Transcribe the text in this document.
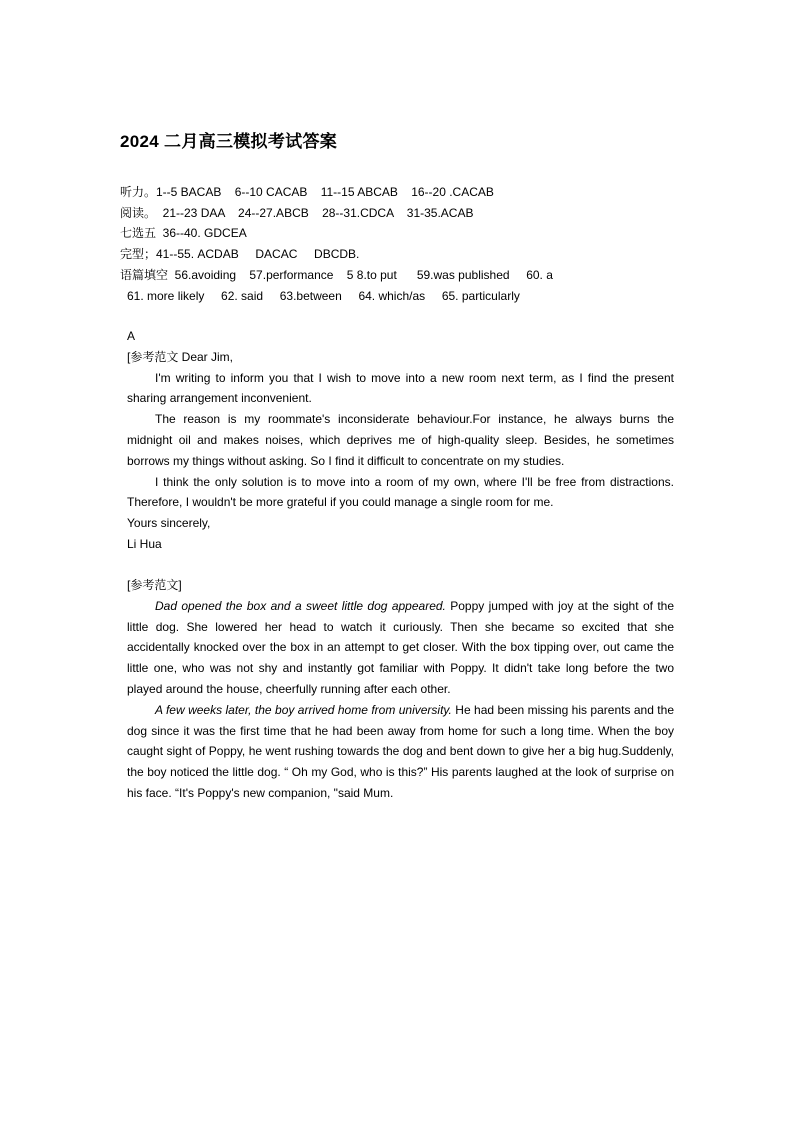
2024 二月高三模拟考试答案
听力。1--5 BACAB    6--10 CACAB    11--15 ABCAB    16--20 .CACAB
阅读。  21--23 DAA    24--27.ABCB    28--31.CDCA    31-35.ACAB
七选五  36--40. GDCEA
完型；41--55. ACDAB     DACAC     DBCDB.
语篇填空  56.avoiding    57.performance    5 8.to put      59.was published     60. a
61. more likely     62. said     63.between     64. which/as     65. particularly

A

[参考范文 Dear Jim,

I'm writing to inform you that I wish to move into a new room next term, as I find the present sharing arrangement inconvenient.

The reason is my roommate's inconsiderate behaviour.For instance, he always burns the midnight oil and makes noises, which deprives me of high-quality sleep. Besides, he sometimes borrows my things without asking. So I find it difficult to concentrate on my studies.

I think the only solution is to move into a room of my own, where I'll be free from distractions. Therefore, I wouldn't be more grateful if you could manage a single room for me.

Yours sincerely,

Li Hua

[参考范文]

Dad opened the box and a sweet little dog appeared. Poppy jumped with joy at the sight of the little dog. She lowered her head to watch it curiously. Then she became so excited that she accidentally knocked over the box in an attempt to get closer. With the box tipping over, out came the little one, who was not shy and instantly got familiar with Poppy. It didn't take long before the two played around the house, cheerfully running after each other.

A few weeks later, the boy arrived home from university. He had been missing his parents and the dog since it was the first time that he had been away from home for such a long time. When the boy caught sight of Poppy, he went rushing towards the dog and bent down to give her a big hug.Suddenly, the boy noticed the little dog. “ Oh my God, who is this?” His parents laughed at the look of surprise on his face. “It's Poppy's new companion, "said Mum.
